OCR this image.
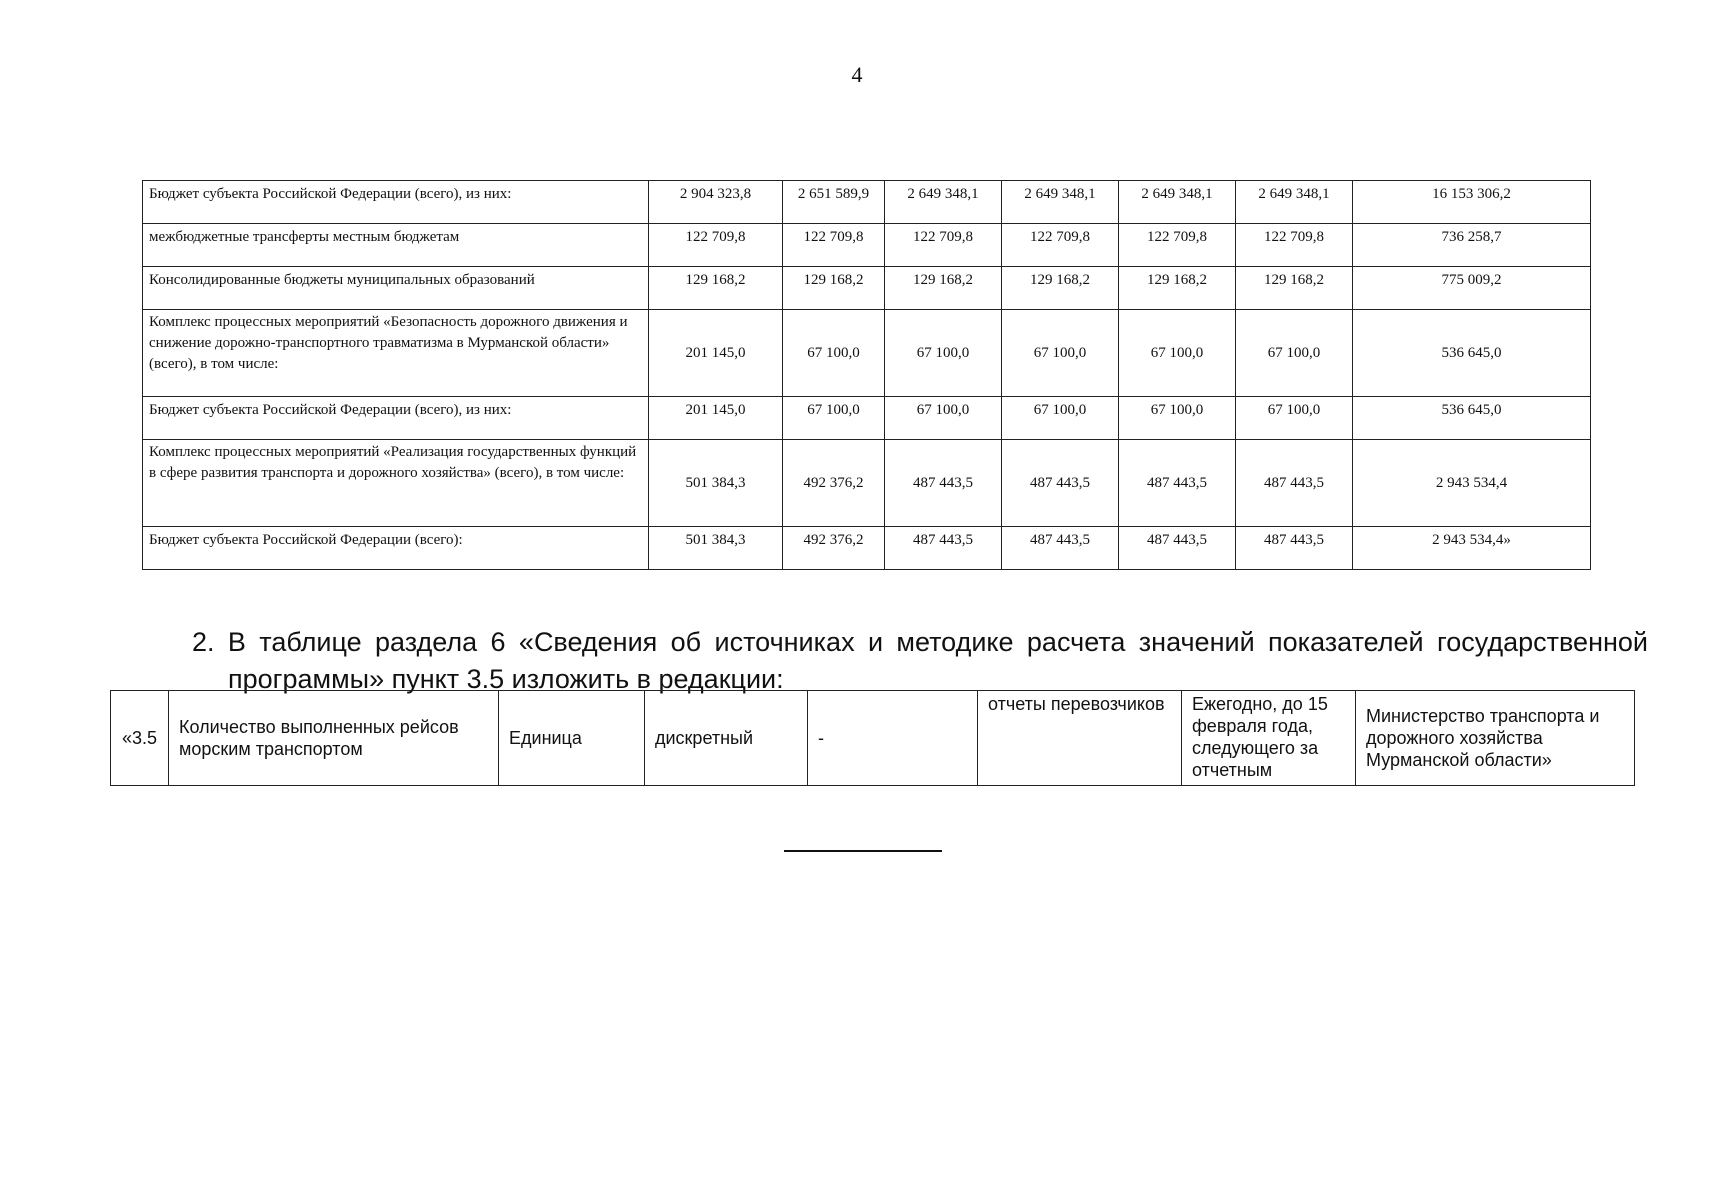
4
Бюджет субъекта Российской Федерации (всего), из них:	2 904 323,8	2 651 589,9	2 649 348,1	2 649 348,1	2 649 348,1	2 649 348,1	16 153 306,2
межбюджетные трансферты местным бюджетам	122 709,8	122 709,8	122 709,8	122 709,8	122 709,8	122 709,8	736 258,7
Консолидированные бюджеты муниципальных образований	129 168,2	129 168,2	129 168,2	129 168,2	129 168,2	129 168,2	775 009,2
Комплекс процессных мероприятий «Безопасность дорожного движения и снижение дорожно-транспортного травматизма в Мурманской области» (всего), в том числе:	201 145,0	67 100,0	67 100,0	67 100,0	67 100,0	67 100,0	536 645,0
Бюджет субъекта Российской Федерации (всего), из них:	201 145,0	67 100,0	67 100,0	67 100,0	67 100,0	67 100,0	536 645,0
Комплекс процессных мероприятий «Реализация государственных функций в сфере развития транспорта и дорожного хозяйства» (всего), в том числе:	501 384,3	492 376,2	487 443,5	487 443,5	487 443,5	487 443,5	2 943 534,4
Бюджет субъекта Российской Федерации (всего):	501 384,3	492 376,2	487 443,5	487 443,5	487 443,5	487 443,5	2 943 534,4»

2. В таблице раздела 6 «Сведения об источниках и методике расчета значений показателей государственной программы» пункт 3.5 изложить в редакции:

«3.5	Количество выполненных рейсов морским транспортом	Единица	дискретный	-	отчеты перевозчиков	Ежегодно, до 15 февраля года, следующего за отчетным	Министерство транспорта и дорожного хозяйства Мурманской области»
